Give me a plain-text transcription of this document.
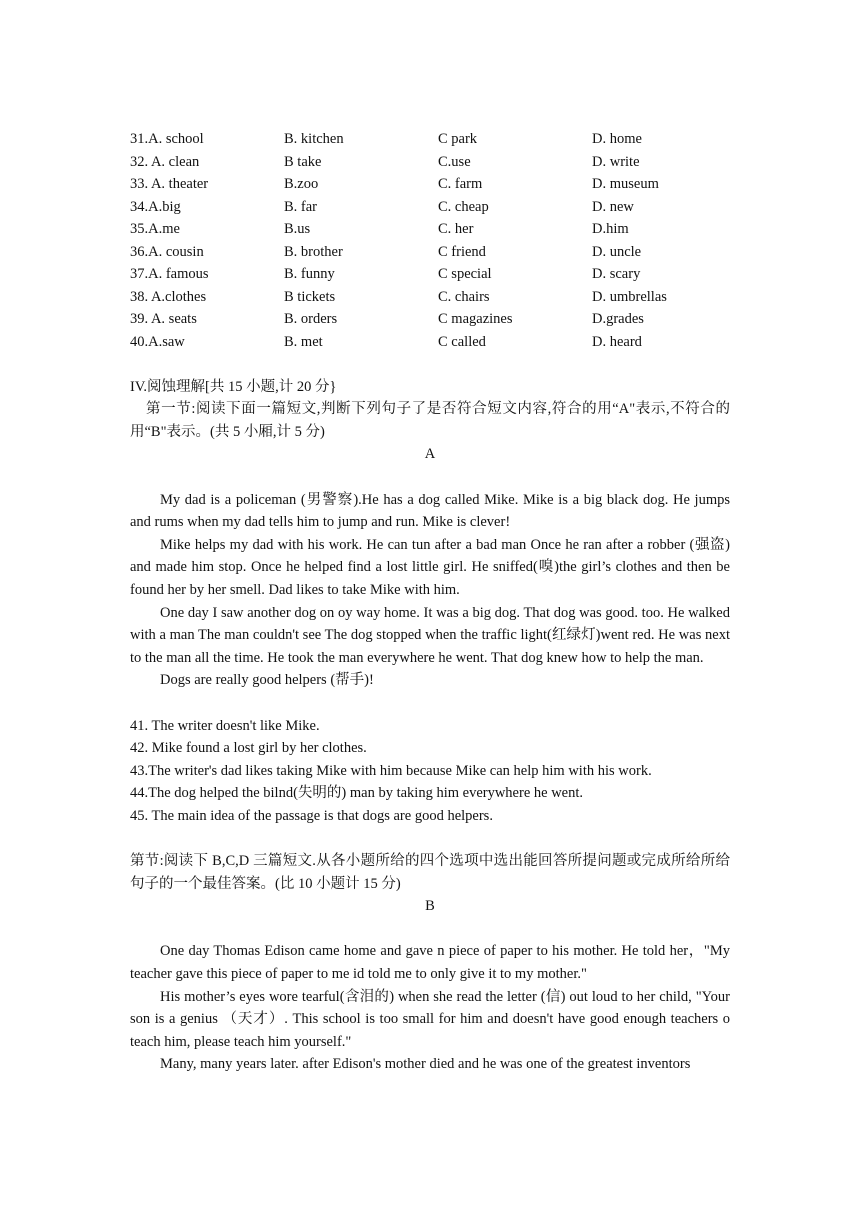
31.A. school	B. kitchen	C park	D. home
32. A. clean	B take	C.use	D. write
33. A. theater	B.zoo	C. farm	D. museum
34.A.big	B. far	C. cheap	D. new
35.A.me	B.us	C. her	D.him
36.A. cousin	B. brother	C friend	D. uncle
37.A. famous	B. funny	C special	D. scary
38. A.clothes	B tickets	C. chairs	D. umbrellas
39. A. seats	B. orders	C magazines	D.grades
40.A.saw	B. met	C called	D. heard

IV.阅蚀理解[共 15 小题,计 20 分}

第一节:阅读下面一篇短文,判断下列句子了是否符合短文内容,符合的用“A"表示,不符合的用“B"表示。(共 5 小厢,计 5 分)

A

My dad is a policeman (男警察).He has a dog called Mike. Mike is a big black dog. He jumps and rums when my dad tells him to jump and run. Mike is clever!

Mike helps my dad with his work. He can tun after a bad man Once he ran after a robber (强盗) and made him stop. Once he helped find a lost little girl. He sniffed(嗅)the girl’s clothes and then be found her by her smell. Dad likes to take Mike with him.

One day I saw another dog on oy way home. It was a big dog. That dog was good. too. He walked with a man The man couldn't see The dog stopped when the traffic light(红绿灯)went red. He was next to the man all the time. He took the man everywhere he went. That dog knew how to help the man.

Dogs are really good helpers (帮手)!

41. The writer doesn't like Mike.

42. Mike found a lost girl by her clothes.

43.The writer's dad likes taking Mike with him because Mike can help him with his work.

44.The dog helped the bilnd(失明的) man by taking him everywhere he went.

45. The main idea of the passage is that dogs are good helpers.

第节:阅读下 B,C,D 三篇短文.从各小题所给的四个选项中选出能回答所提问题或完成所给所给句子的一个最佳答案。(比 10 小题计 15 分)

B

One day Thomas Edison came home and gave n piece of paper to his mother. He told her，"My teacher gave this piece of paper to me id told me to only give it to my mother."

His mother’s eyes wore tearful(含泪的) when she read the letter (信) out loud to her child, "Your son is a genius （天才）. This school is too small for him and doesn't have good enough teachers o teach him, please teach him yourself."

Many, many years later. after Edison's mother died and he was one of the greatest inventors
